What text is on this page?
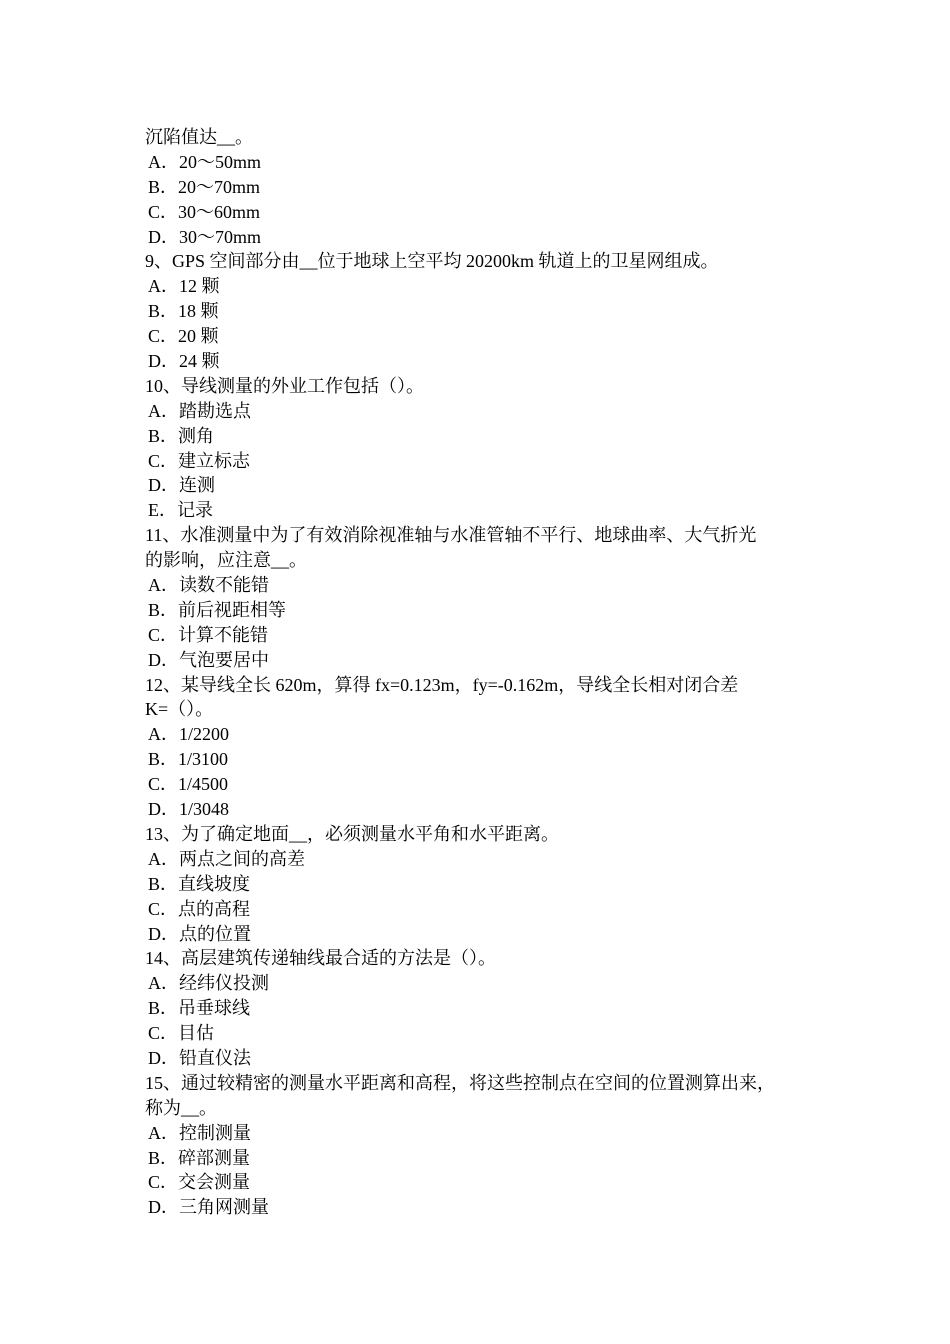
沉陷值达__。
A．20～50mm
B．20～70mm
C．30～60mm
D．30～70mm
9、GPS 空间部分由__位于地球上空平均 20200km 轨道上的卫星网组成。
A．12 颗
B．18 颗
C．20 颗
D．24 颗
10、导线测量的外业工作包括（）。
A．踏勘选点
B．测角
C．建立标志
D．连测
E．记录
11、水准测量中为了有效消除视准轴与水准管轴不平行、地球曲率、大气折光
的影响，应注意__。
A．读数不能错
B．前后视距相等
C．计算不能错
D．气泡要居中
12、某导线全长 620m，算得 fx=0.123m，fy=-0.162m，导线全长相对闭合差
K=（）。
A．1/2200
B．1/3100
C．1/4500
D．1/3048
13、为了确定地面__，必须测量水平角和水平距离。
A．两点之间的高差
B．直线坡度
C．点的高程
D．点的位置
14、高层建筑传递轴线最合适的方法是（）。
A．经纬仪投测
B．吊垂球线
C．目估
D．铅直仪法
15、通过较精密的测量水平距离和高程，将这些控制点在空间的位置测算出来，
称为__。
A．控制测量
B．碎部测量
C．交会测量
D．三角网测量
